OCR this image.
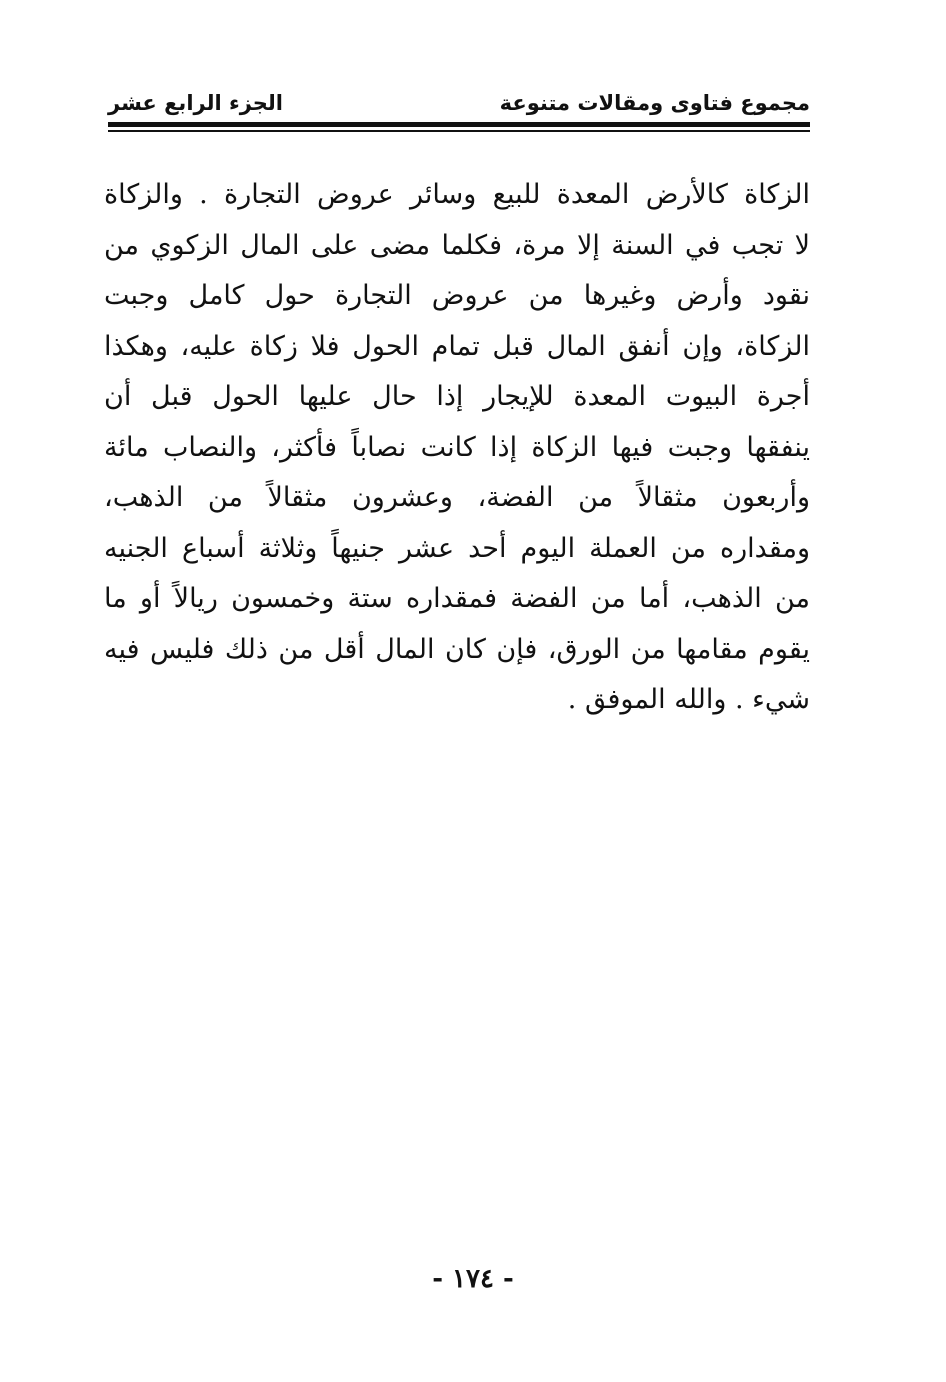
مجموع فتاوى ومقالات متنوعة
الجزء الرابع عشر
الزكاة كالأرض المعدة للبيع وسائر عروض التجارة . والزكاة
لا تجب في السنة إلا مرة، فكلما مضى على المال الزكوي من
نقود وأرض وغيرها من عروض التجارة حول كامل وجبت
الزكاة، وإن أنفق المال قبل تمام الحول فلا زكاة عليه، وهكذا
أجرة البيوت المعدة للإيجار إذا حال عليها الحول قبل أن
ينفقها وجبت فيها الزكاة إذا كانت نصاباً فأكثر، والنصاب مائة
وأربعون مثقالاً من الفضة، وعشرون مثقالاً من الذهب،
ومقداره من العملة اليوم أحد عشر جنيهاً وثلاثة أسباع الجنيه
من الذهب، أما من الفضة فمقداره ستة وخمسون ريالاً أو ما
يقوم مقامها من الورق، فإن كان المال أقل من ذلك فليس فيه
شيء . والله الموفق .
- ١٧٤ -
